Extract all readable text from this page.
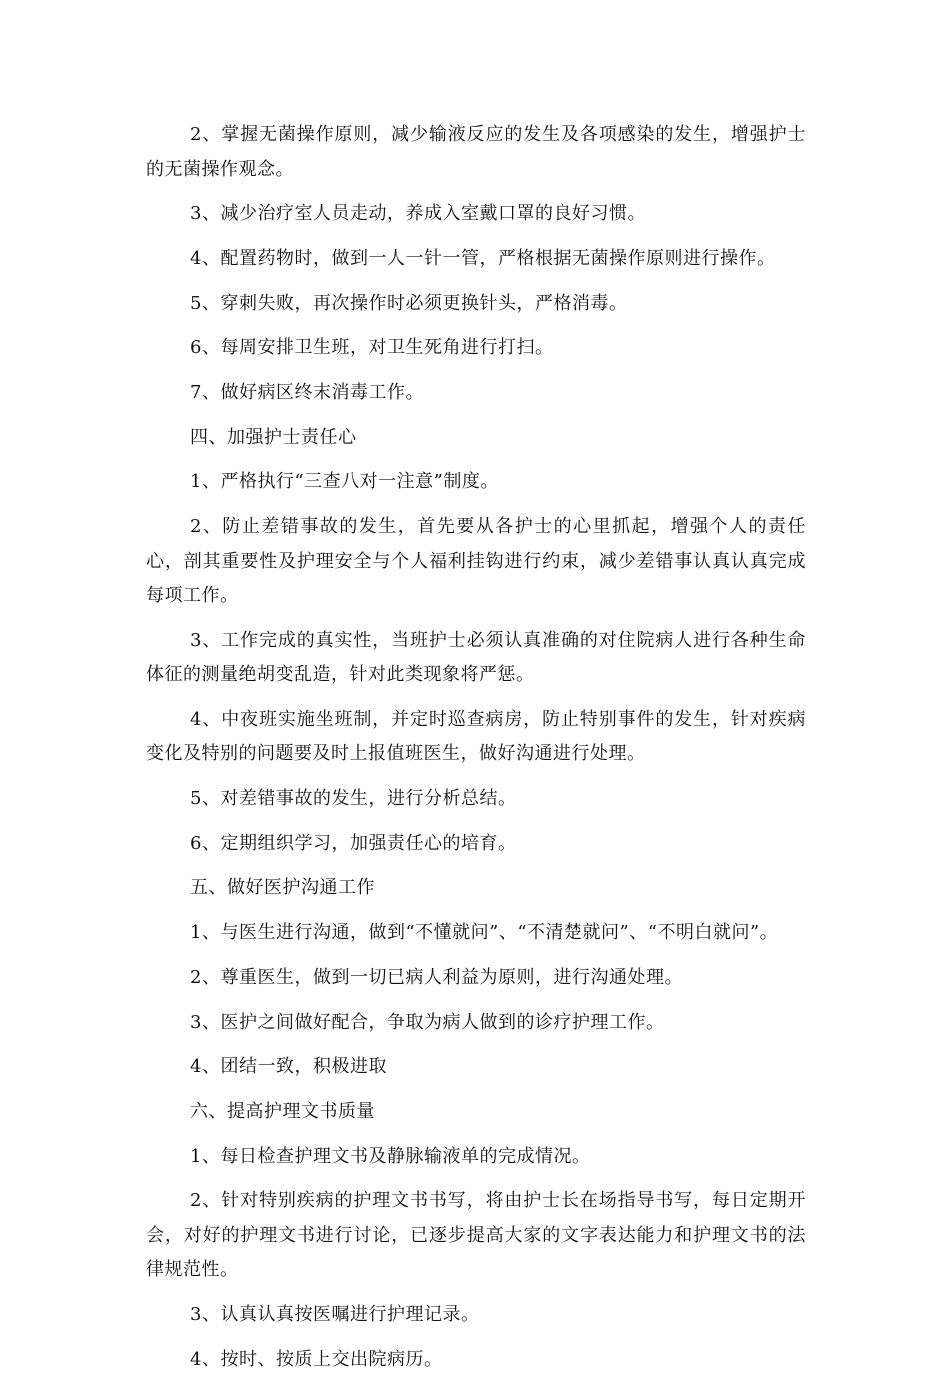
2、掌握无菌操作原则，减少输液反应的发生及各项感染的发生，增强护士的无菌操作观念。

3、减少治疗室人员走动，养成入室戴口罩的良好习惯。

4、配置药物时，做到一人一针一管，严格根据无菌操作原则进行操作。

5、穿刺失败，再次操作时必须更换针头，严格消毒。

6、每周安排卫生班，对卫生死角进行打扫。

7、做好病区终末消毒工作。

四、加强护士责任心

1、严格执行“三查八对一注意”制度。

2、防止差错事故的发生，首先要从各护士的心里抓起，增强个人的责任心，剖其重要性及护理安全与个人福利挂钩进行约束，减少差错事认真认真完成每项工作。

3、工作完成的真实性，当班护士必须认真准确的对住院病人进行各种生命体征的测量绝胡变乱造，针对此类现象将严惩。

4、中夜班实施坐班制，并定时巡查病房，防止特别事件的发生，针对疾病变化及特别的问题要及时上报值班医生，做好沟通进行处理。

5、对差错事故的发生，进行分析总结。

6、定期组织学习，加强责任心的培育。

五、做好医护沟通工作

1、与医生进行沟通，做到“不懂就问”、“不清楚就问”、“不明白就问”。

2、尊重医生，做到一切已病人利益为原则，进行沟通处理。

3、医护之间做好配合，争取为病人做到的诊疗护理工作。

4、团结一致，积极进取

六、提高护理文书质量

1、每日检查护理文书及静脉输液单的完成情况。

2、针对特别疾病的护理文书书写，将由护士长在场指导书写，每日定期开会，对好的护理文书进行讨论，已逐步提高大家的文字表达能力和护理文书的法律规范性。

3、认真认真按医嘱进行护理记录。

4、按时、按质上交出院病历。
